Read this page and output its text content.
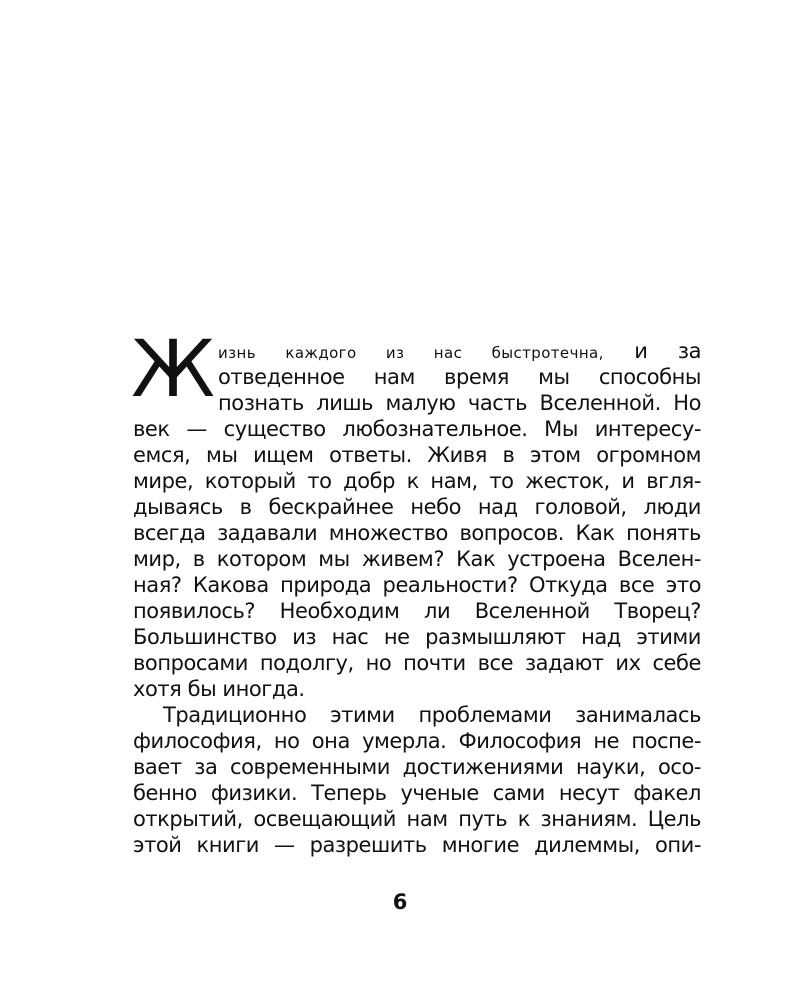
Ж изнь каждого из нас быстротечна, и за
отведенное нам время мы способны
познать лишь малую часть Вселенной. Но
век — существо любознательное. Мы интересу-
емся, мы ищем ответы. Живя в этом огромном
мире, который то добр к нам, то жесток, и вгля-
дываясь в бескрайнее небо над головой, люди
всегда задавали множество вопросов. Как понять
мир, в котором мы живем? Как устроена Вселен-
ная? Какова природа реальности? Откуда все это
появилось? Необходим ли Вселенной Творец?
Большинство из нас не размышляют над этими
вопросами подолгу, но почти все задают их себе
хотя бы иногда.
Традиционно этими проблемами занималась
философия, но она умерла. Философия не поспе-
вает за современными достижениями науки, осо-
бенно физики. Теперь ученые сами несут факел
открытий, освещающий нам путь к знаниям. Цель
этой книги — разрешить многие дилеммы, опи-
6
